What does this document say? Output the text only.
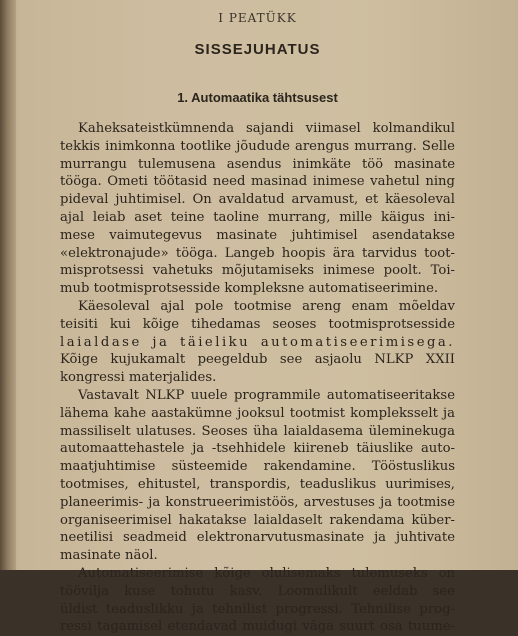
I PEATÜKK
SISSEJUHATUS
1. Automaatika tähtsusest
Kaheksateistkümnenda sajandi viimasel kolmandikul
tekkis inimkonna tootlike jõudude arengus murrang. Selle
murrangu tulemusena asendus inimkäte töö masinate
tööga. Ometi töötasid need masinad inimese vahetul ning
pideval juhtimisel. On avaldatud arvamust, et käesoleval
ajal leiab aset teine taoline murrang, mille käigus ini-
mese vaimutegevus masinate juhtimisel asendatakse
«elektronajude» tööga. Langeb hoopis ära tarvidus toot-
misprotsessi vahetuks mõjutamiseks inimese poolt. Toi-
mub tootmisprotsesside kompleksne automatiseerimine.
Käesoleval ajal pole tootmise areng enam mõeldav
teisiti kui kõige tihedamas seoses tootmisprotsesside
laialdase ja täieliku automatiseerimisega.
Kõige kujukamalt peegeldub see asjaolu NLKP XXII
kongressi materjalides.
Vastavalt NLKP uuele programmile automatiseeritakse
lähema kahe aastakümne jooksul tootmist kompleksselt ja
massiliselt ulatuses. Seoses üha laialdasema üleminekuga
automaattehastele ja -tsehhidele kiireneb täiuslike auto-
maatjuhtimise süsteemide rakendamine. Tööstuslikus
tootmises, ehitustel, transpordis, teaduslikus uurimises,
planeerimis- ja konstrueerimistöös, arvestuses ja tootmise
organiseerimisel hakatakse laialdaselt rakendama küber-
neetilisi seadmeid elektronarvutusmasinate ja juhtivate
masinate näol.
Automatiseerimise kõige olulisemaks tulemuseks on
töövilja kuse tohutu kasv. Loomulikult eeldab see
üldist teaduslikku ja tehnilist progressi. Tehnilise prog-
ressi tagamisel etendavad muidugi väga suurt osa tuume-
